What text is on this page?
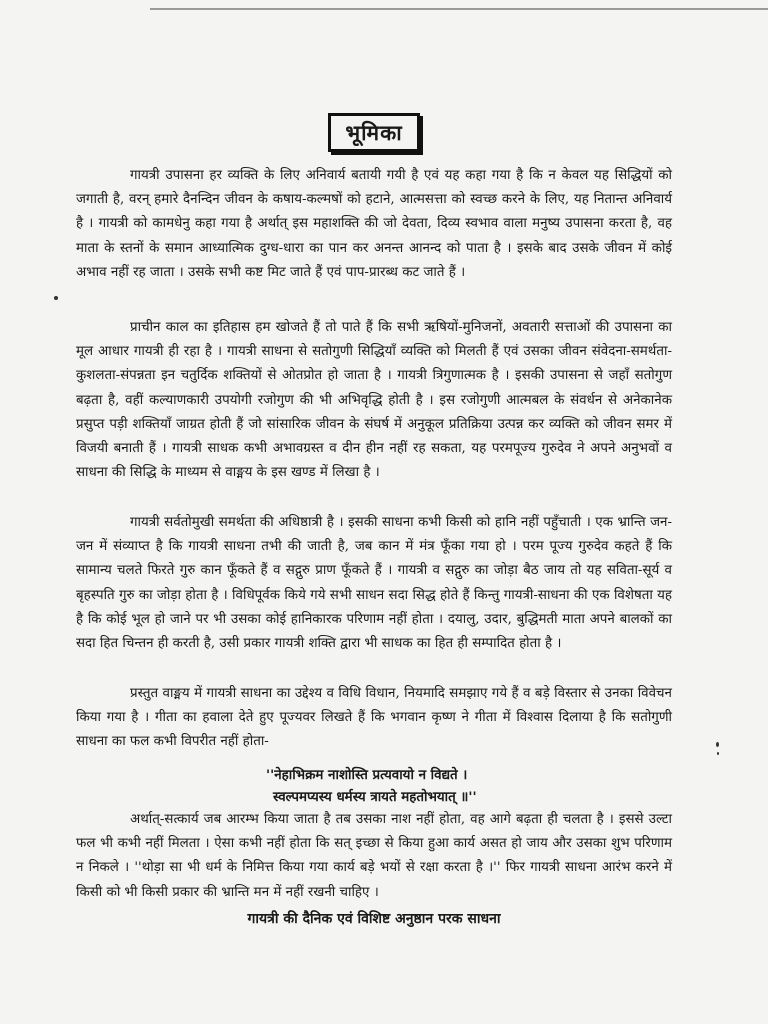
भूमिका

गायत्री उपासना हर व्यक्ति के लिए अनिवार्य बतायी गयी है एवं यह कहा गया है कि न केवल यह सिद्धियों को जगाती है, वरन् हमारे दैनन्दिन जीवन के कषाय-कल्मषों को हटाने, आत्मसत्ता को स्वच्छ करने के लिए, यह नितान्त अनिवार्य है । गायत्री को कामधेनु कहा गया है अर्थात् इस महाशक्ति की जो देवता, दिव्य स्वभाव वाला मनुष्य उपासना करता है, वह माता के स्तनों के समान आध्यात्मिक दुग्ध-धारा का पान कर अनन्त आनन्द को पाता है । इसके बाद उसके जीवन में कोई अभाव नहीं रह जाता । उसके सभी कष्ट मिट जाते हैं एवं पाप-प्रारब्ध कट जाते हैं ।

प्राचीन काल का इतिहास हम खोजते हैं तो पाते हैं कि सभी ऋषियों-मुनिजनों, अवतारी सत्ताओं की उपासना का मूल आधार गायत्री ही रहा है । गायत्री साधना से सतोगुणी सिद्धियाँ व्यक्ति को मिलती हैं एवं उसका जीवन संवेदना-समर्थता-कुशलता-संपन्नता इन चतुर्दिक शक्तियों से ओतप्रोत हो जाता है । गायत्री त्रिगुणात्मक है । इसकी उपासना से जहाँ सतोगुण बढ़ता है, वहीं कल्याणकारी उपयोगी रजोगुण की भी अभिवृद्धि होती है । इस रजोगुणी आत्मबल के संवर्धन से अनेकानेक प्रसुप्त पड़ी शक्तियाँ जाग्रत होती हैं जो सांसारिक जीवन के संघर्ष में अनुकूल प्रतिक्रिया उत्पन्न कर व्यक्ति को जीवन समर में विजयी बनाती हैं । गायत्री साधक कभी अभावग्रस्त व दीन हीन नहीं रह सकता, यह परमपूज्य गुरुदेव ने अपने अनुभवों व साधना की सिद्धि के माध्यम से वाङ्मय के इस खण्ड में लिखा है ।

गायत्री सर्वतोमुखी समर्थता की अधिष्ठात्री है । इसकी साधना कभी किसी को हानि नहीं पहुँचाती । एक भ्रान्ति जन-जन में संव्याप्त है कि गायत्री साधना तभी की जाती है, जब कान में मंत्र फूँका गया हो । परम पूज्य गुरुदेव कहते हैं कि सामान्य चलते फिरते गुरु कान फूँकते हैं व सद्गुरु प्राण फूँकते हैं । गायत्री व सद्गुरु का जोड़ा बैठ जाय तो यह सविता-सूर्य व बृहस्पति गुरु का जोड़ा होता है । विधिपूर्वक किये गये सभी साधन सदा सिद्ध होते हैं किन्तु गायत्री-साधना की एक विशेषता यह है कि कोई भूल हो जाने पर भी उसका कोई हानिकारक परिणाम नहीं होता । दयालु, उदार, बुद्धिमती माता अपने बालकों का सदा हित चिन्तन ही करती है, उसी प्रकार गायत्री शक्ति द्वारा भी साधक का हित ही सम्पादित होता है ।

प्रस्तुत वाङ्मय में गायत्री साधना का उद्देश्य व विधि विधान, नियमादि समझाए गये हैं व बड़े विस्तार से उनका विवेचन किया गया है । गीता का हवाला देते हुए पूज्यवर लिखते हैं कि भगवान कृष्ण ने गीता में विश्वास दिलाया है कि सतोगुणी साधना का फल कभी विपरीत नहीं होता-

''नेहाभिक्रम नाशोस्ति प्रत्यवायो न विद्यते ।
स्वल्पमप्यस्य धर्मस्य त्रायते महतोभयात् ॥''

अर्थात्-सत्कार्य जब आरम्भ किया जाता है तब उसका नाश नहीं होता, वह आगे बढ़ता ही चलता है । इससे उल्टा फल भी कभी नहीं मिलता । ऐसा कभी नहीं होता कि सत् इच्छा से किया हुआ कार्य असत हो जाय और उसका शुभ परिणाम न निकले । ''थोड़ा सा भी धर्म के निमित्त किया गया कार्य बड़े भयों से रक्षा करता है ।'' फिर गायत्री साधना आरंभ करने में किसी को भी किसी प्रकार की भ्रान्ति मन में नहीं रखनी चाहिए ।

गायत्री की दैनिक एवं विशिष्ट अनुष्ठान परक साधना
